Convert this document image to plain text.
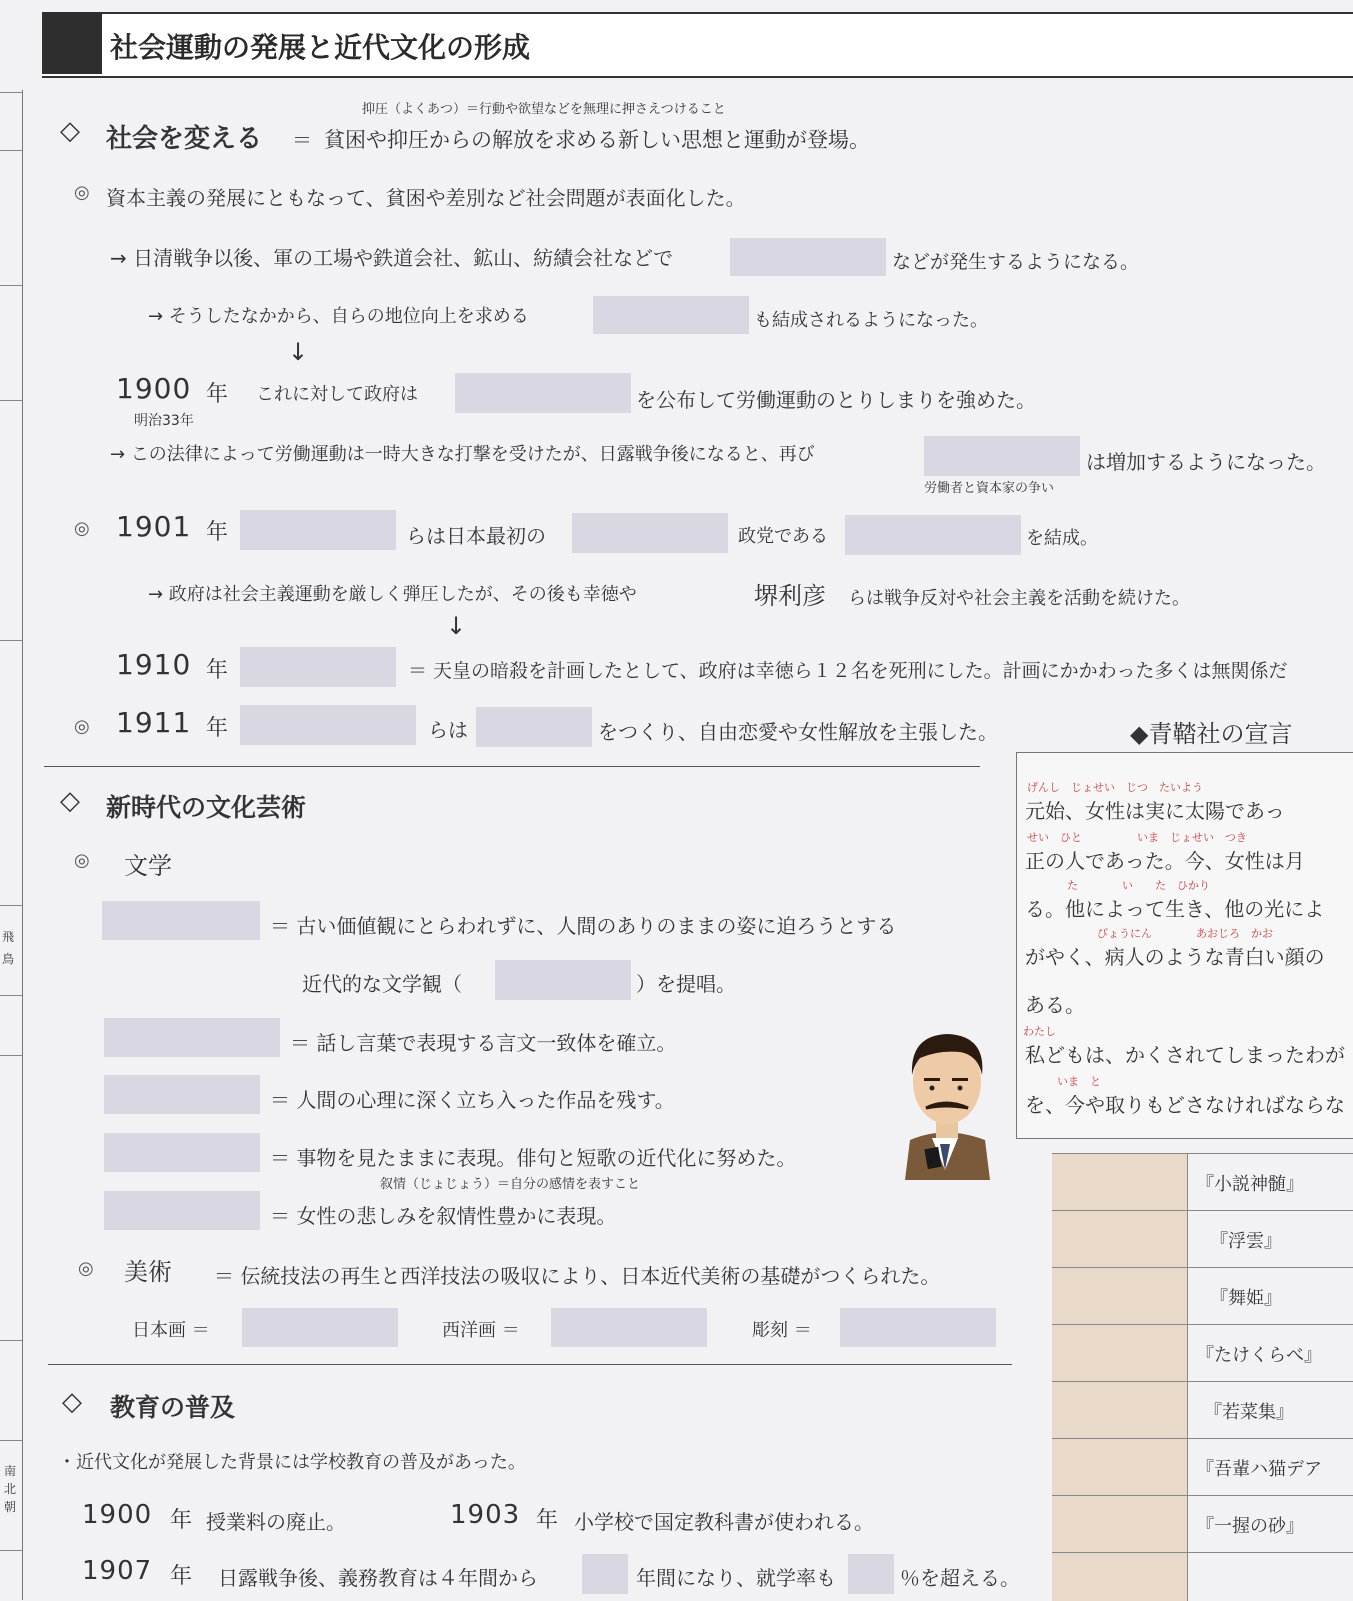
飛
鳥
南
北
朝
社会運動の発展と近代文化の形成
抑圧（よくあつ）＝行動や欲望などを無理に押さえつけること
◇ 社会を変える ＝ 貧困や抑圧からの解放を求める新しい思想と運動が登場。
◎ 資本主義の発展にともなって、貧困や差別など社会問題が表面化した。
→ 日清戦争以後、軍の工場や鉄道会社、鉱山、紡績会社などで	などが発生するようになる。
→ そうしたなかから、自らの地位向上を求める	も結成されるようになった。
↓
1900 年 これに対して政府は	を公布して労働運動のとりしまりを強めた。
明治33年
→ この法律によって労働運動は一時大きな打撃を受けたが、日露戦争後になると、再び	は増加するようになった。
労働者と資本家の争い
◎ 1901 年	らは日本最初の	政党である	を結成。
→ 政府は社会主義運動を厳しく弾圧したが、その後も幸徳や	堺利彦 らは戦争反対や社会主義を活動を続けた。
↓
1910 年	＝ 天皇の暗殺を計画したとして、政府は幸徳ら１２名を死刑にした。計画にかかわった多くは無関係だ
◎ 1911 年	らは	をつくり、自由恋愛や女性解放を主張した。	◆青鞜社の宣言
げんし　じょせい　じつ　たいよう
元始、女性は実に太陽であっ
せい　ひと　　　　　いま　じょせい　つき
正の人であった。今、女性は月
た　　　　い　　た　ひかり
る。他によって生き、他の光によ
びょうにん　　　　あおじろ　かお
がやく、病人のような青白い顔の
ある。
わたし
私どもは、かくされてしまったわが
いま　と
を、今や取りもどさなければならな
◇ 新時代の文化芸術
◎ 文学
＝ 古い価値観にとらわれずに、人間のありのままの姿に迫ろうとする
近代的な文学観（	）を提唱。
＝ 話し言葉で表現する言文一致体を確立。
＝ 人間の心理に深く立ち入った作品を残す。
＝ 事物を見たままに表現。俳句と短歌の近代化に努めた。
叙情（じょじょう）＝自分の感情を表すこと
＝ 女性の悲しみを叙情性豊かに表現。
◎ 美術 ＝ 伝統技法の再生と西洋技法の吸収により、日本近代美術の基礎がつくられた。
日本画 ＝	西洋画 ＝	彫刻 ＝
◇ 教育の普及
・近代文化が発展した背景には学校教育の普及があった。
1900 年 授業料の廃止。	1903 年 小学校で国定教科書が使われる。
1907 年 日露戦争後、義務教育は４年間から	年間になり、就学率も	％を超える。
『小説神髄』
『浮雲』
『舞姫』
『たけくらべ』
『若菜集』
『吾輩ハ猫デア
『一握の砂』
